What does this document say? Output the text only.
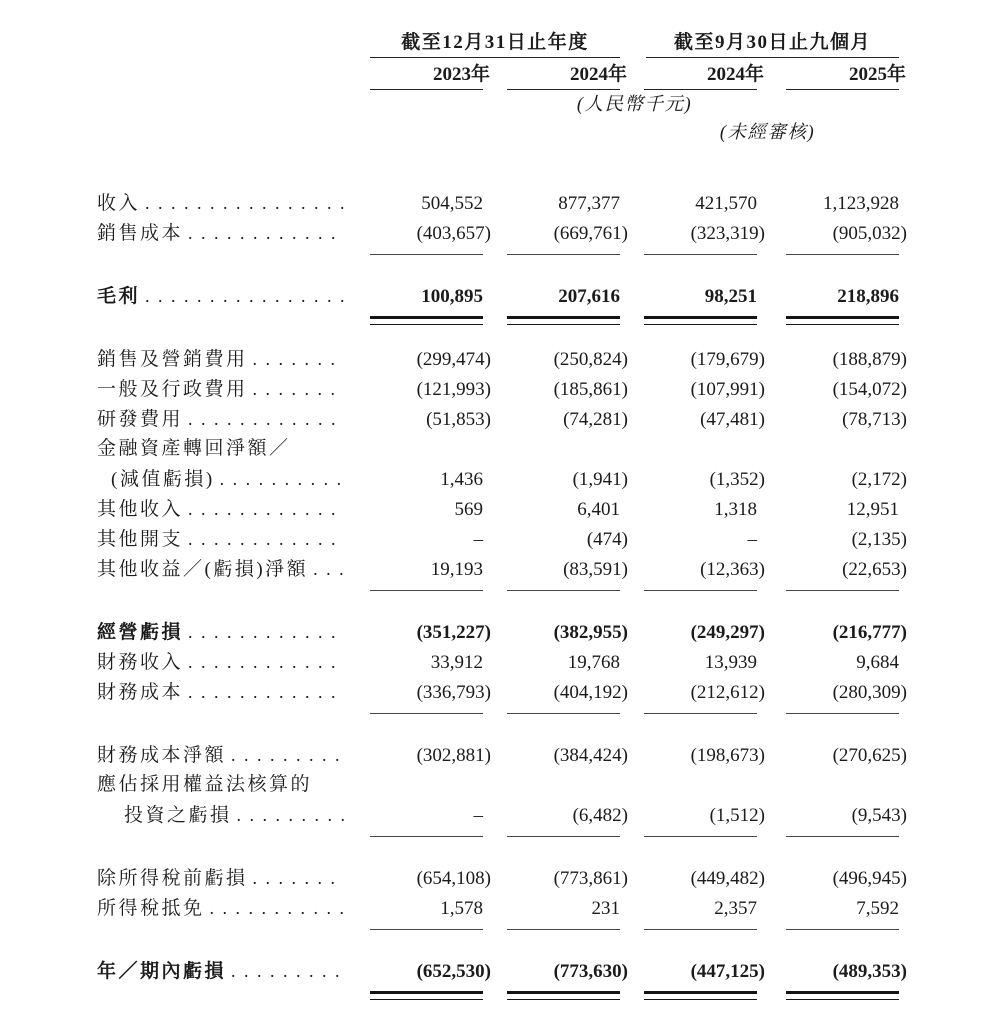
截至12月31日止年度	截至9月30日止九個月
2023年	2024年	2024年	2025年
(人民幣千元)
(未經審核)
收入 . . .	504,552	877,377	421,570	1,123,928
銷售成本 . . .	(403,657)	(669,761)	(323,319)	(905,032)
毛利 . . .	100,895	207,616	98,251	218,896
銷售及營銷費用 . . .	(299,474)	(250,824)	(179,679)	(188,879)
一般及行政費用 . . .	(121,993)	(185,861)	(107,991)	(154,072)
研發費用 . . .	(51,853)	(74,281)	(47,481)	(78,713)
金融資產轉回淨額／
(減值虧損) . . .	1,436	(1,941)	(1,352)	(2,172)
其他收入 . . .	569	6,401	1,318	12,951
其他開支 . . .	–	(474)	–	(2,135)
其他收益／(虧損)淨額 . . .	19,193	(83,591)	(12,363)	(22,653)
經營虧損 . . .	(351,227)	(382,955)	(249,297)	(216,777)
財務收入 . . .	33,912	19,768	13,939	9,684
財務成本 . . .	(336,793)	(404,192)	(212,612)	(280,309)
財務成本淨額 . . .	(302,881)	(384,424)	(198,673)	(270,625)
應佔採用權益法核算的
投資之虧損 . . .	–	(6,482)	(1,512)	(9,543)
除所得稅前虧損 . . .	(654,108)	(773,861)	(449,482)	(496,945)
所得稅抵免 . . .	1,578	231	2,357	7,592
年／期內虧損 . . .	(652,530)	(773,630)	(447,125)	(489,353)
